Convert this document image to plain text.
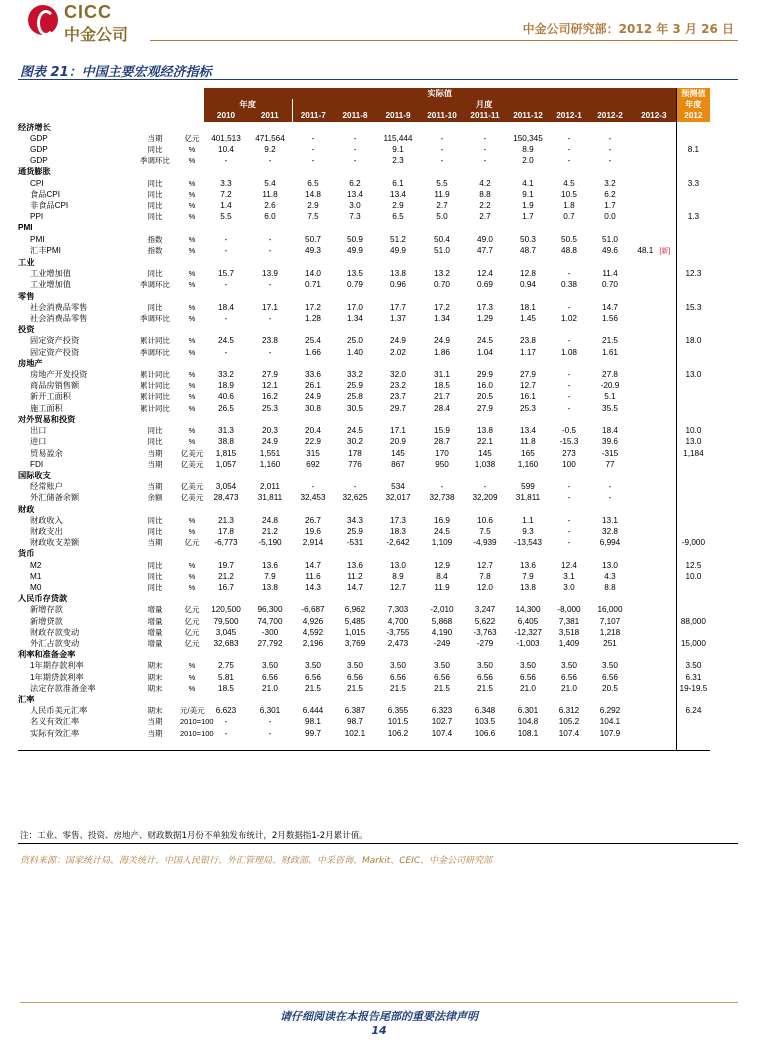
CICC
中金公司	中金公司研究部：2012 年 3 月 26 日
图表 21：中国主要宏观经济指标
			实际值											预测值
			年度		月度									年度
			2010	2011	2011-7	2011-8	2011-9	2011-10	2011-11	2011-12	2012-1	2012-2	2012-3	2012
经济增长														
GDP	当期	亿元	401,513	471,564	-	-	115,444	-	-	150,345	-	-		
GDP	同比	%	10.4	9.2	-	-	9.1	-	-	8.9	-	-		8.1
GDP	季调环比	%	-	-	-	-	2.3	-	-	2.0	-	-		
通货膨胀														
CPI	同比	%	3.3	5.4	6.5	6.2	6.1	5.5	4.2	4.1	4.5	3.2		3.3
食品CPI	同比	%	7.2	11.8	14.8	13.4	13.4	11.9	8.8	9.1	10.5	6.2		
非食品CPI	同比	%	1.4	2.6	2.9	3.0	2.9	2.7	2.2	1.9	1.8	1.7		
PPI	同比	%	5.5	6.0	7.5	7.3	6.5	5.0	2.7	1.7	0.7	0.0		1.3
PMI														
PMI	指数	%	-	-	50.7	50.9	51.2	50.4	49.0	50.3	50.5	51.0		
汇丰PMI	指数	%	-	-	49.3	49.9	49.9	51.0	47.7	48.7	48.8	49.6	48.1 [新]	
工业														
工业增加值	同比	%	15.7	13.9	14.0	13.5	13.8	13.2	12.4	12.8	-	11.4		12.3
工业增加值	季调环比	%	-	-	0.71	0.79	0.96	0.70	0.69	0.94	0.38	0.70		
零售														
社会消费品零售	同比	%	18.4	17.1	17.2	17.0	17.7	17.2	17.3	18.1	-	14.7		15.3
社会消费品零售	季调环比	%	-	-	1.28	1.34	1.37	1.34	1.29	1.45	1.02	1.56		
投资														
固定资产投资	累计同比	%	24.5	23.8	25.4	25.0	24.9	24.9	24.5	23.8	-	21.5		18.0
固定资产投资	季调环比	%	-	-	1.66	1.40	2.02	1.86	1.04	1.17	1.08	1.61		
房地产														
房地产开发投资	累计同比	%	33.2	27.9	33.6	33.2	32.0	31.1	29.9	27.9	-	27.8		13.0
商品房销售额	累计同比	%	18.9	12.1	26.1	25.9	23.2	18.5	16.0	12.7	-	-20.9		
新开工面积	累计同比	%	40.6	16.2	24.9	25.8	23.7	21.7	20.5	16.1	-	5.1		
施工面积	累计同比	%	26.5	25.3	30.8	30.5	29.7	28.4	27.9	25.3	-	35.5		
对外贸易和投资														
出口	同比	%	31.3	20.3	20.4	24.5	17.1	15.9	13.8	13.4	-0.5	18.4		10.0
进口	同比	%	38.8	24.9	22.9	30.2	20.9	28.7	22.1	11.8	-15.3	39.6		13.0
贸易盈余	当期	亿美元	1,815	1,551	315	178	145	170	145	165	273	-315		1,184
FDI	当期	亿美元	1,057	1,160	692	776	867	950	1,038	1,160	100	77		
国际收支														
经常账户	当期	亿美元	3,054	2,011	-	-	534	-	-	599	-	-		
外汇储备余额	余额	亿美元	28,473	31,811	32,453	32,625	32,017	32,738	32,209	31,811	-	-		
财政														
财政收入	同比	%	21.3	24.8	26.7	34.3	17.3	16.9	10.6	1.1	-	13.1		
财政支出	同比	%	17.8	21.2	19.6	25.9	18.3	24.5	7.5	9.3	-	32.8		
财政收支差额	当期	亿元	-6,773	-5,190	2,914	-531	-2,642	1,109	-4,939	-13,543	-	6,994		-9,000
货币														
M2	同比	%	19.7	13.6	14.7	13.6	13.0	12.9	12.7	13.6	12.4	13.0		12.5
M1	同比	%	21.2	7.9	11.6	11.2	8.9	8.4	7.8	7.9	3.1	4.3		10.0
M0	同比	%	16.7	13.8	14.3	14.7	12.7	11.9	12.0	13.8	3.0	8.8		
人民币存贷款														
新增存款	增量	亿元	120,500	96,300	-6,687	6,962	7,303	-2,010	3,247	14,300	-8,000	16,000		
新增贷款	增量	亿元	79,500	74,700	4,926	5,485	4,700	5,868	5,622	6,405	7,381	7,107		88,000
财政存款变动	增量	亿元	3,045	-300	4,592	1,015	-3,755	4,190	-3,763	-12,327	3,518	1,218		
外汇占款变动	增量	亿元	32,683	27,792	2,196	3,769	2,473	-249	-279	-1,003	1,409	251		15,000
利率和准备金率														
1年期存款利率	期末	%	2.75	3.50	3.50	3.50	3.50	3.50	3.50	3.50	3.50	3.50		3.50
1年期贷款利率	期末	%	5.81	6.56	6.56	6.56	6.56	6.56	6.56	6.56	6.56	6.56		6.31
法定存款准备金率	期末	%	18.5	21.0	21.5	21.5	21.5	21.5	21.5	21.0	21.0	20.5		19-19.5
汇率														
人民币美元汇率	期末	元/美元	6.623	6.301	6.444	6.387	6.355	6.323	6.348	6.301	6.312	6.292		6.24
名义有效汇率	当期	2010=100	-	-	98.1	98.7	101.5	102.7	103.5	104.8	105.2	104.1		
实际有效汇率	当期	2010=100	-	-	99.7	102.1	106.2	107.4	106.6	108.1	107.4	107.9		

注：工业、零售、投资、房地产、财政数据1月份不单独发布统计，2月数据指1-2月累计值。
资料来源：国家统计局、海关统计、中国人民银行、外汇管理局、财政部、中采咨询、Markit、CEIC、中金公司研究部
请仔细阅读在本报告尾部的重要法律声明
14
